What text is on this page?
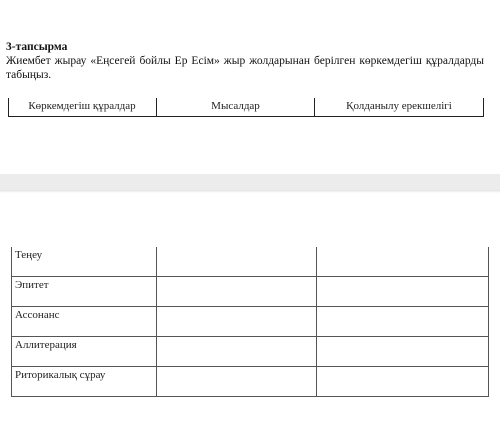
3-тапсырма
Жиембет жырау «Еңсегей бойлы Ер Есім» жыр жолдарынан берілген көркемдегіш құралдарды табыңыз.
Көркемдегіш құралдар	Мысалдар	Қолданылу ерекшелігі
Теңеу		
Эпитет		
Ассонанс		
Аллитерация		
Риторикалық сұрау		
